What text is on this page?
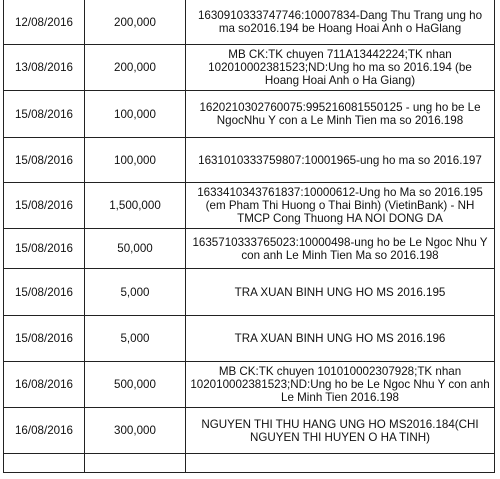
12/08/2016	200,000	1630910333747746:10007834-Dang Thu Trang ung ho ma so2016.194 be Hoang Hoai Anh o HaGlang
13/08/2016	200,000	MB CK:TK chuyen 711A13442224;TK nhan 102010002381523;ND:Ung ho ma so 2016.194 (be Hoang Hoai Anh o Ha Giang)
15/08/2016	100,000	1620210302760075:995216081550125 - ung ho be Le NgocNhu Y con a Le Minh Tien ma so 2016.198
15/08/2016	100,000	1631010333759807:10001965-ung ho ma so 2016.197
15/08/2016	1,500,000	1633410343761837:10000612-Ung ho Ma so 2016.195 (em Pham Thi Huong o Thai Binh) (VietinBank) - NH TMCP Cong Thuong HA NOI DONG DA
15/08/2016	50,000	1635710333765023:10000498-ung ho be Le Ngoc Nhu Y con anh Le Minh Tien Ma so 2016.198
15/08/2016	5,000	TRA XUAN BINH UNG HO MS 2016.195
15/08/2016	5,000	TRA XUAN BINH UNG HO MS 2016.196
16/08/2016	500,000	MB CK:TK chuyen 101010002307928;TK nhan 102010002381523;ND:Ung ho be Le Ngoc Nhu Y con anh Le Minh Tien 2016.198
16/08/2016	300,000	NGUYEN THI THU HANG UNG HO MS2016.184(CHI NGUYEN THI HUYEN O HA TINH)
